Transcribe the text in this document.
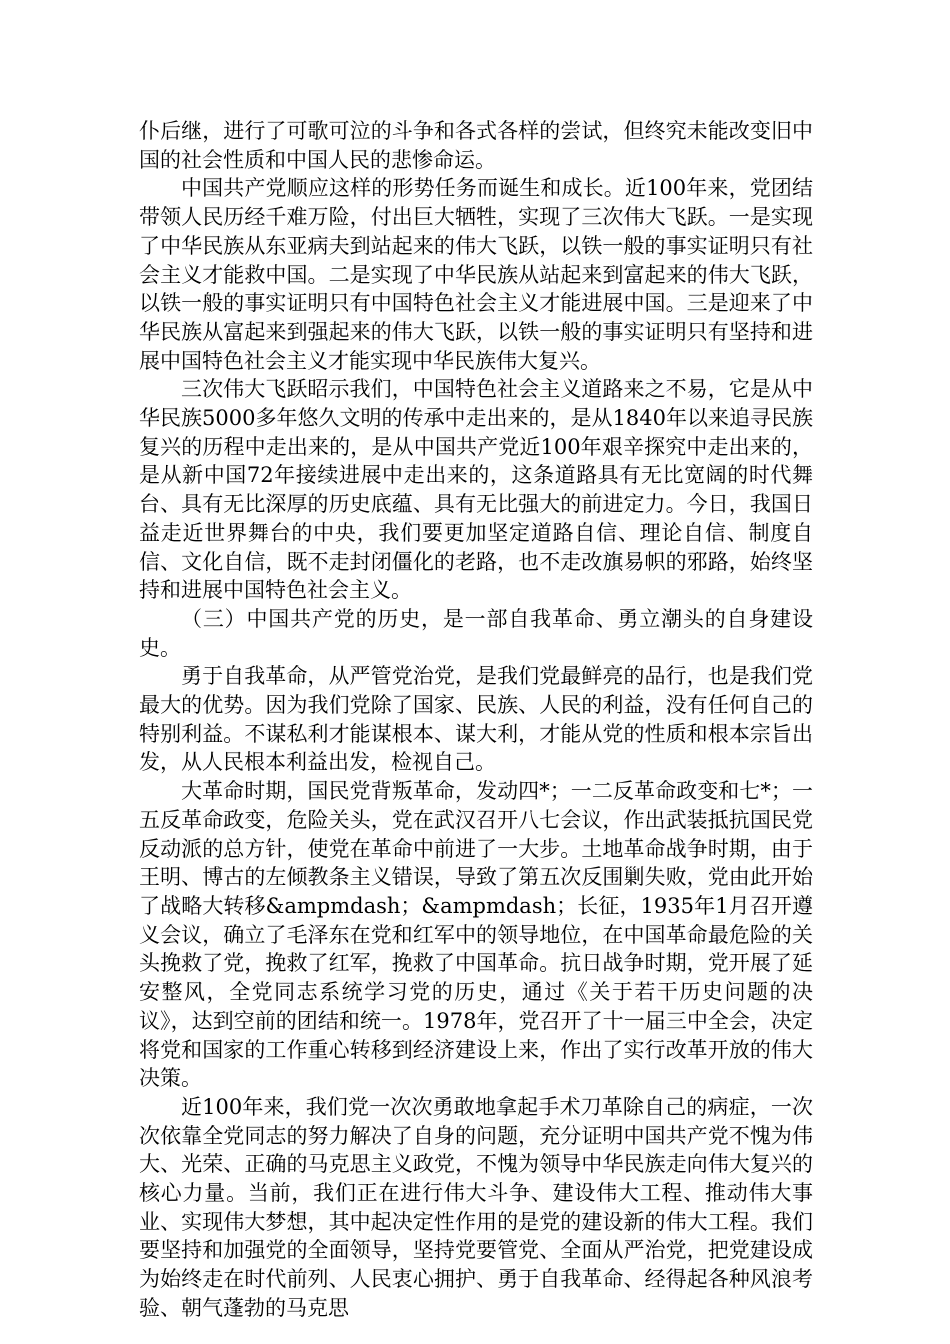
仆后继，进行了可歌可泣的斗争和各式各样的尝试，但终究未能改变旧中国的社会性质和中国人民的悲惨命运。

中国共产党顺应这样的形势任务而诞生和成长。近100年来，党团结带领人民历经千难万险，付出巨大牺牲，实现了三次伟大飞跃。一是实现了中华民族从东亚病夫到站起来的伟大飞跃，以铁一般的事实证明只有社会主义才能救中国。二是实现了中华民族从站起来到富起来的伟大飞跃，以铁一般的事实证明只有中国特色社会主义才能进展中国。三是迎来了中华民族从富起来到强起来的伟大飞跃，以铁一般的事实证明只有坚持和进展中国特色社会主义才能实现中华民族伟大复兴。

三次伟大飞跃昭示我们，中国特色社会主义道路来之不易，它是从中华民族5000多年悠久文明的传承中走出来的，是从1840年以来追寻民族复兴的历程中走出来的，是从中国共产党近100年艰辛探究中走出来的，是从新中国72年接续进展中走出来的，这条道路具有无比宽阔的时代舞台、具有无比深厚的历史底蕴、具有无比强大的前进定力。今日，我国日益走近世界舞台的中央，我们要更加坚定道路自信、理论自信、制度自信、文化自信，既不走封闭僵化的老路，也不走改旗易帜的邪路，始终坚持和进展中国特色社会主义。

（三）中国共产党的历史，是一部自我革命、勇立潮头的自身建设史。

勇于自我革命，从严管党治党，是我们党最鲜亮的品行，也是我们党最大的优势。因为我们党除了国家、民族、人民的利益，没有任何自己的特别利益。不谋私利才能谋根本、谋大利，才能从党的性质和根本宗旨出发，从人民根本利益出发，检视自己。

大革命时期，国民党背叛革命，发动四*；一二反革命政变和七*；一五反革命政变，危险关头，党在武汉召开八七会议，作出武装抵抗国民党反动派的总方针，使党在革命中前进了一大步。土地革命战争时期，由于王明、博古的左倾教条主义错误，导致了第五次反围剿失败，党由此开始了战略大转移&ampmdash；&ampmdash；长征，1935年1月召开遵义会议，确立了毛泽东在党和红军中的领导地位，在中国革命最危险的关头挽救了党，挽救了红军，挽救了中国革命。抗日战争时期，党开展了延安整风，全党同志系统学习党的历史，通过《关于若干历史问题的决议》，达到空前的团结和统一。1978年，党召开了十一届三中全会，决定将党和国家的工作重心转移到经济建设上来，作出了实行改革开放的伟大决策。

近100年来，我们党一次次勇敢地拿起手术刀革除自己的病症，一次次依靠全党同志的努力解决了自身的问题，充分证明中国共产党不愧为伟大、光荣、正确的马克思主义政党，不愧为领导中华民族走向伟大复兴的核心力量。当前，我们正在进行伟大斗争、建设伟大工程、推动伟大事业、实现伟大梦想，其中起决定性作用的是党的建设新的伟大工程。我们要坚持和加强党的全面领导，坚持党要管党、全面从严治党，把党建设成为始终走在时代前列、人民衷心拥护、勇于自我革命、经得起各种风浪考验、朝气蓬勃的马克思
